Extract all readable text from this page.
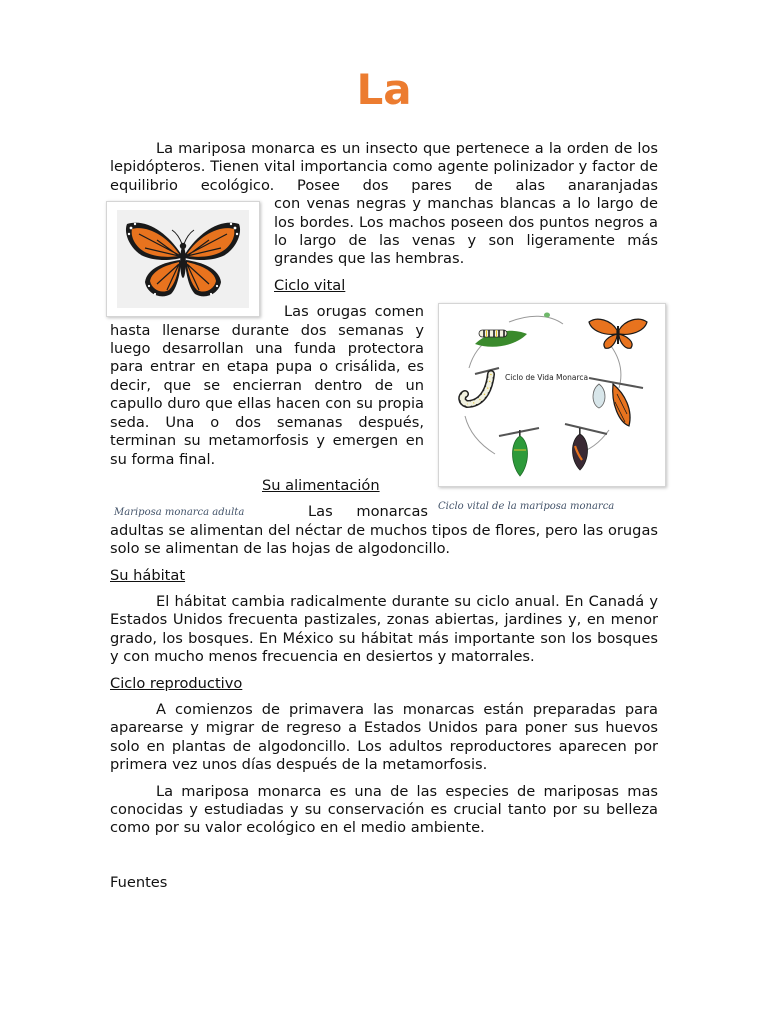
La

La mariposa monarca es un insecto que pertenece a la orden de los lepidópteros. Tienen vital importancia como agente polinizador y factor de equilibrio ecológico. Posee dos pares de alas anaranjadas

con venas negras y manchas blancas a lo largo de los bordes. Los machos poseen dos puntos negros a lo largo de las venas y son ligeramente más grandes que las hembras.

Ciclo vital

Ciclo de Vida Monarca
Ciclo vital de la mariposa monarca
Mariposa monarca adulta

Las orugas comen hasta llenarse durante dos semanas y luego desarrollan una funda protectora para entrar en etapa pupa o crisálida, es decir, que se encierran dentro de un capullo duro que ellas hacen con su propia seda. Una o dos semanas después, terminan su metamorfosis y emergen en su forma final.

Su alimentación

Las monarcas adultas se alimentan del néctar de muchos tipos de flores, pero las orugas solo se alimentan de las hojas de algodoncillo.

Su hábitat

El hábitat cambia radicalmente durante su ciclo anual. En Canadá y Estados Unidos frecuenta pastizales, zonas abiertas, jardines y, en menor grado, los bosques. En México su hábitat más importante son los bosques y con mucho menos frecuencia en desiertos y matorrales.

Ciclo reproductivo

A comienzos de primavera las monarcas están preparadas para aparearse y migrar de regreso a Estados Unidos para poner sus huevos solo en plantas de algodoncillo. Los adultos reproductores aparecen por primera vez unos días después de la metamorfosis.

La mariposa monarca es una de las especies de mariposas mas conocidas y estudiadas y su conservación es crucial tanto por su belleza como por su valor ecológico en el medio ambiente.

Fuentes
